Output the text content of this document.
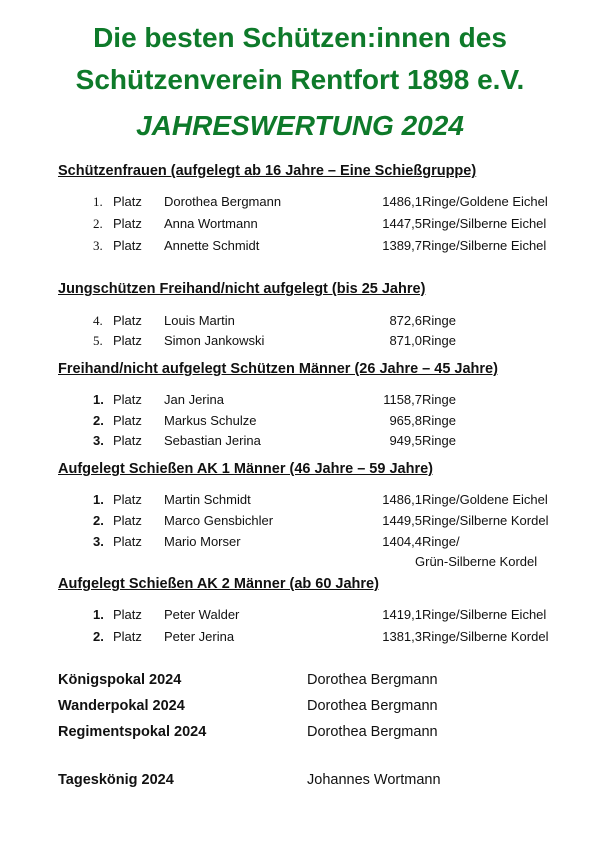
Die besten Schützen:innen des
Schützenverein Rentfort 1898 e.V.
JAHRESWERTUNG 2024
Schützenfrauen (aufgelegt ab 16 Jahre – Eine Schießgruppe)
1. Platz Dorothea Bergmann	1486,1 Ringe/Goldene Eichel
2. Platz Anna Wortmann	1447,5 Ringe/Silberne Eichel
3. Platz Annette Schmidt	1389,7 Ringe/Silberne Eichel
Jungschützen Freihand/nicht aufgelegt (bis 25 Jahre)
4. Platz Louis Martin	872,6 Ringe
5. Platz Simon Jankowski	871,0 Ringe
Freihand/nicht aufgelegt Schützen Männer (26 Jahre – 45 Jahre)
1. Platz Jan Jerina	1158,7 Ringe
2. Platz Markus Schulze	965,8 Ringe
3. Platz Sebastian Jerina	949,5 Ringe
Aufgelegt Schießen AK 1 Männer (46 Jahre – 59 Jahre)
1. Platz Martin Schmidt	1486,1 Ringe/Goldene Eichel
2. Platz Marco Gensbichler	1449,5 Ringe/Silberne Kordel
3. Platz Mario Morser	1404,4 Ringe/
Grün-Silberne Kordel
Aufgelegt Schießen AK 2 Männer (ab 60 Jahre)
1. Platz Peter Walder	1419,1 Ringe/Silberne Eichel
2. Platz Peter Jerina	1381,3 Ringe/Silberne Kordel
Königspokal 2024	Dorothea Bergmann
Wanderpokal 2024	Dorothea Bergmann
Regimentspokal 2024	Dorothea Bergmann
Tageskönig 2024	Johannes Wortmann
